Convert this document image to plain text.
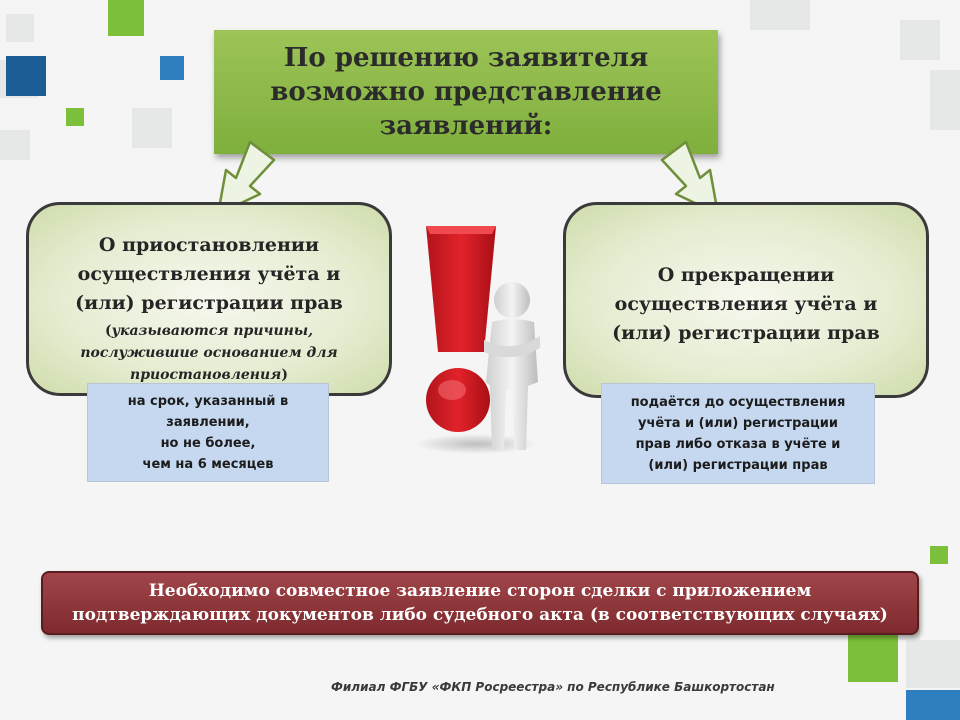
По решению заявителя
возможно представление
заявлений:
О приостановлении
осуществления учёта и
(или) регистрации прав
(указываются причины,
послужившие основанием для
приостановления)
О прекращении
осуществления учёта и
(или) регистрации прав
на срок, указанный в
заявлении,
но не более,
чем на 6 месяцев
подаётся до осуществления
учёта и (или) регистрации
прав либо отказа в учёте и
(или) регистрации прав
Необходимо совместное заявление сторон сделки с приложением
подтверждающих документов либо судебного акта (в соответствующих случаях)
Филиал ФГБУ «ФКП Росреестра» по Республике Башкортостан
